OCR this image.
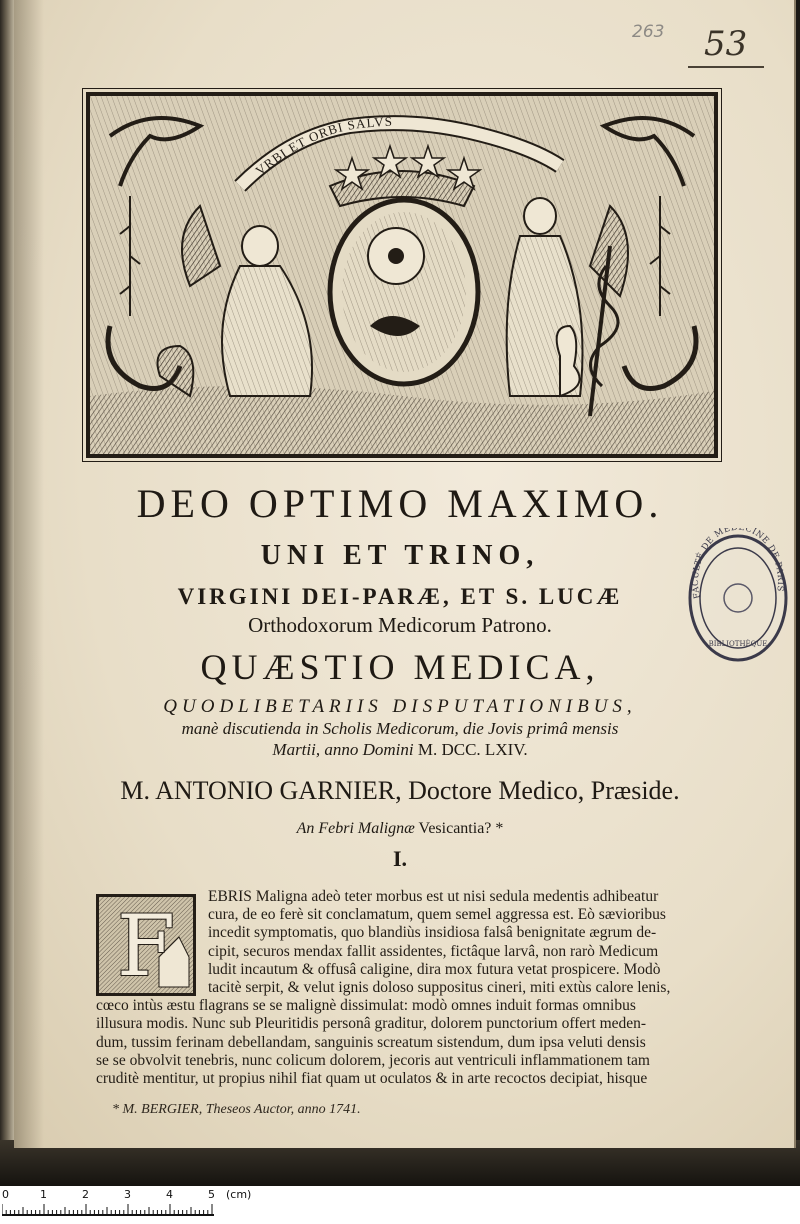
263 53
VRBI ET ORBI SALVS
DEO OPTIMO MAXIMO.
UNI ET TRINO,
VIRGINI DEI-PARÆ, ET S. LUCÆ
Orthodoxorum Medicorum Patrono.
QUÆSTIO MEDICA,
QUODLIBETARIIS DISPUTATIONIBUS,
manè discutienda in Scholis Medicorum, die Jovis primâ mensis
Martii, anno Domini M. DCC. LXIV.
M. ANTONIO GARNIER, Doctore Medico, Præside.
An Febri Malignæ Vesicantia? *
I.
FACULTÉ DE MÉ CINE DE PARIS
BIBLIOTHÈQUE
F
EBRIS Maligna adeò teter morbus est ut nisi sedula medentis adhibeatur
cura, de eo ferè sit conclamatum, quem semel aggressa est. Eò sævioribus
incedit symptomatis, quo blandiùs insidiosa falsâ benignitate ægrum de-
cipit, securos mendax fallit assidentes, fictâque larvâ, non rarò Medicum
ludit incautum & offusâ caligine, dira mox futura vetat prospicere. Modò
tacitè serpit, & velut ignis doloso suppositus cineri, miti extùs calore lenis,
cœco intùs æstu flagrans se se malignè dissimulat: modò omnes induit formas omnibus
illusura modis. Nunc sub Pleuritidis personâ graditur, dolorem punctorium offert meden-
dum, tussim ferinam debellandam, sanguinis screatum sistendum, dum ipsa veluti densis
se se obvolvit tenebris, nunc colicum dolorem, jecoris aut ventriculi inflammationem tam
cruditè mentitur, ut propius nihil fiat quam ut oculatos & in arte recoctos decipiat, hisque
* M. BERGIER, Theseos Auctor, anno 1741.
0	1	2	3	4	5 (cm)
